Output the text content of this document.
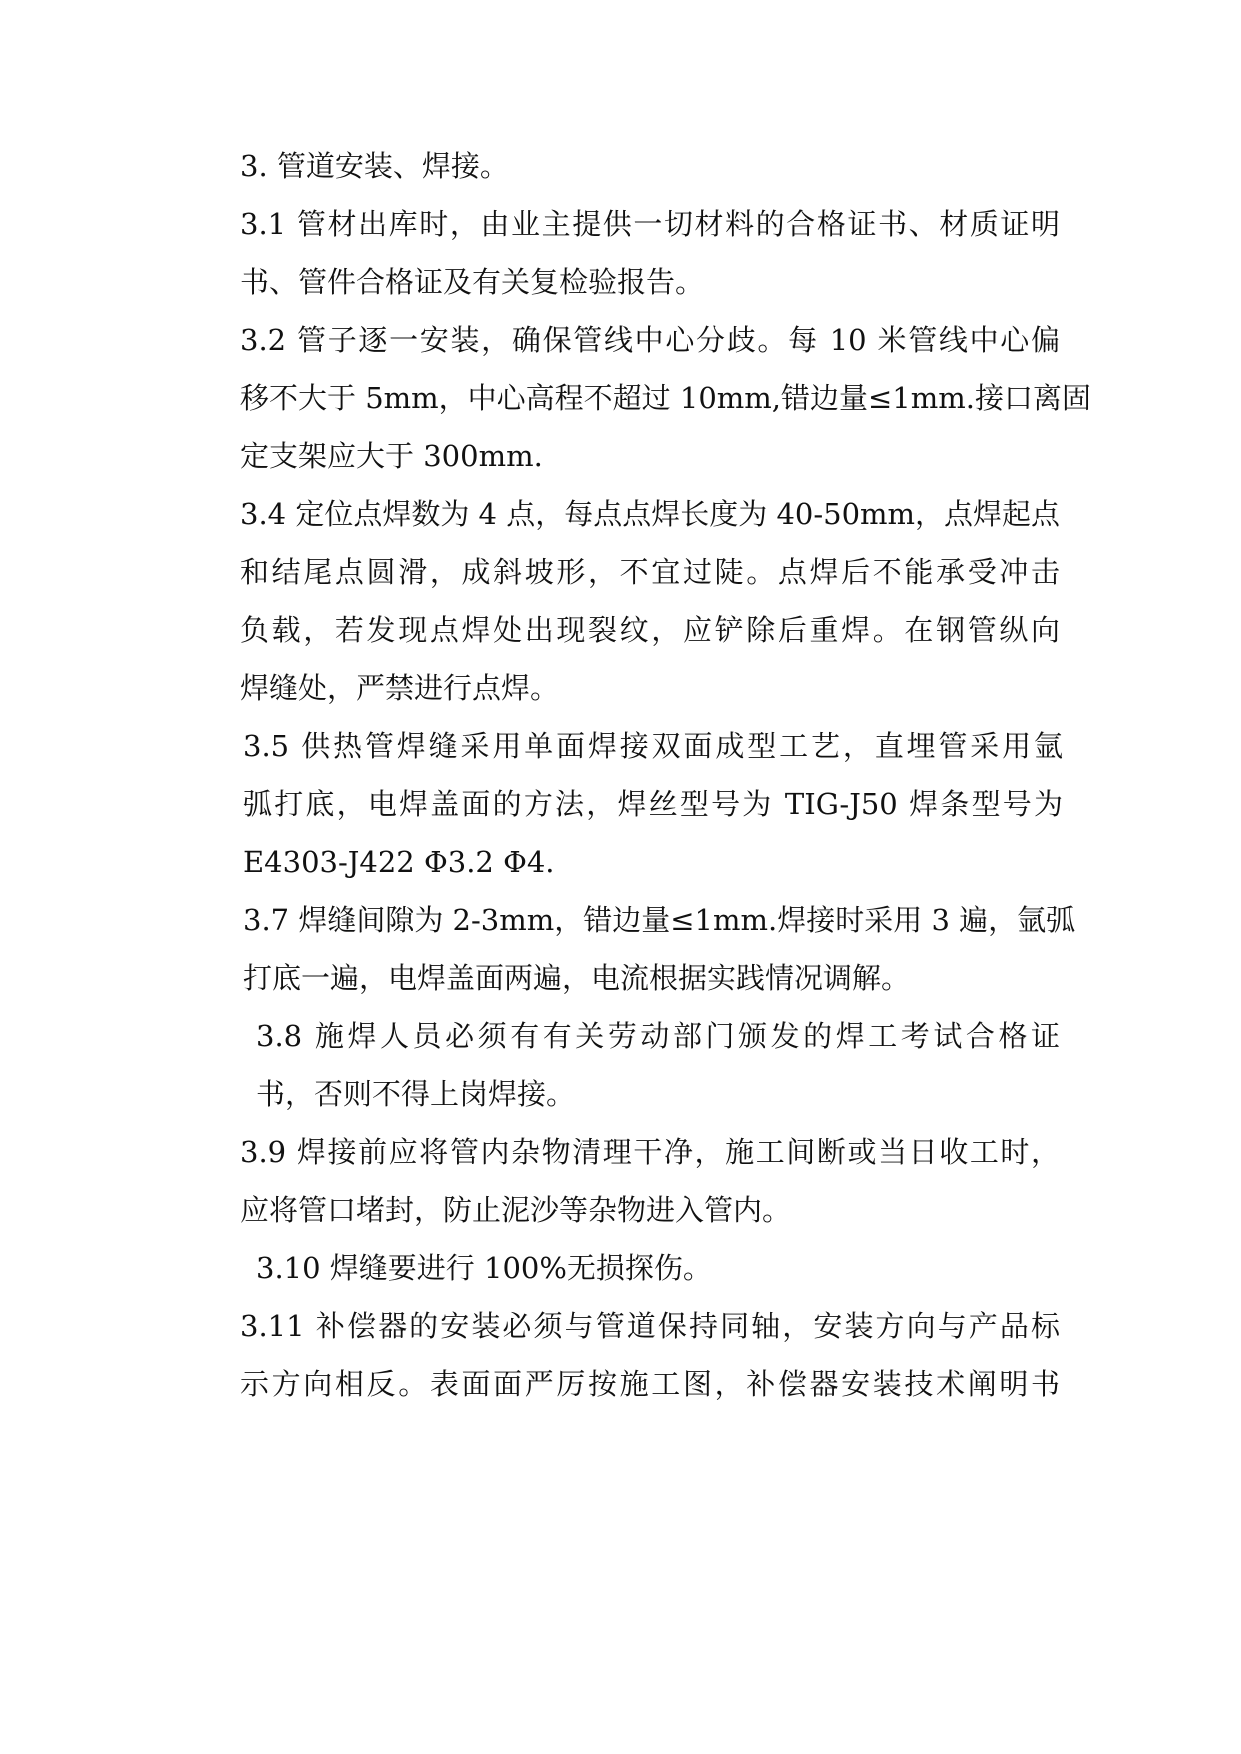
3. 管道安装、焊接。
3.1 管材出库时，由业主提供一切材料的合格证书、材质证明
书、管件合格证及有关复检验报告。
3.2 管子逐一安装，确保管线中心分歧。每 10 米管线中心偏
移不大于 5mm，中心高程不超过 10mm,错边量≤1mm.接口离固
定支架应大于 300mm.
3.4 定位点焊数为 4 点，每点点焊长度为 40-50mm，点焊起点
和结尾点圆滑，成斜坡形，不宜过陡。点焊后不能承受冲击
负载，若发现点焊处出现裂纹，应铲除后重焊。在钢管纵向
焊缝处，严禁进行点焊。
3.5 供热管焊缝采用单面焊接双面成型工艺，直埋管采用氩
弧打底，电焊盖面的方法，焊丝型号为 TIG-J50 焊条型号为
E4303-J422 Φ3.2 Φ4.
3.7 焊缝间隙为 2-3mm，错边量≤1mm.焊接时采用 3 遍，氩弧
打底一遍，电焊盖面两遍，电流根据实践情况调解。
3.8 施焊人员必须有有关劳动部门颁发的焊工考试合格证
书，否则不得上岗焊接。
3.9 焊接前应将管内杂物清理干净，施工间断或当日收工时，
应将管口堵封，防止泥沙等杂物进入管内。
3.10 焊缝要进行 100%无损探伤。
3.11 补偿器的安装必须与管道保持同轴，安装方向与产品标
示方向相反。表面面严厉按施工图，补偿器安装技术阐明书
